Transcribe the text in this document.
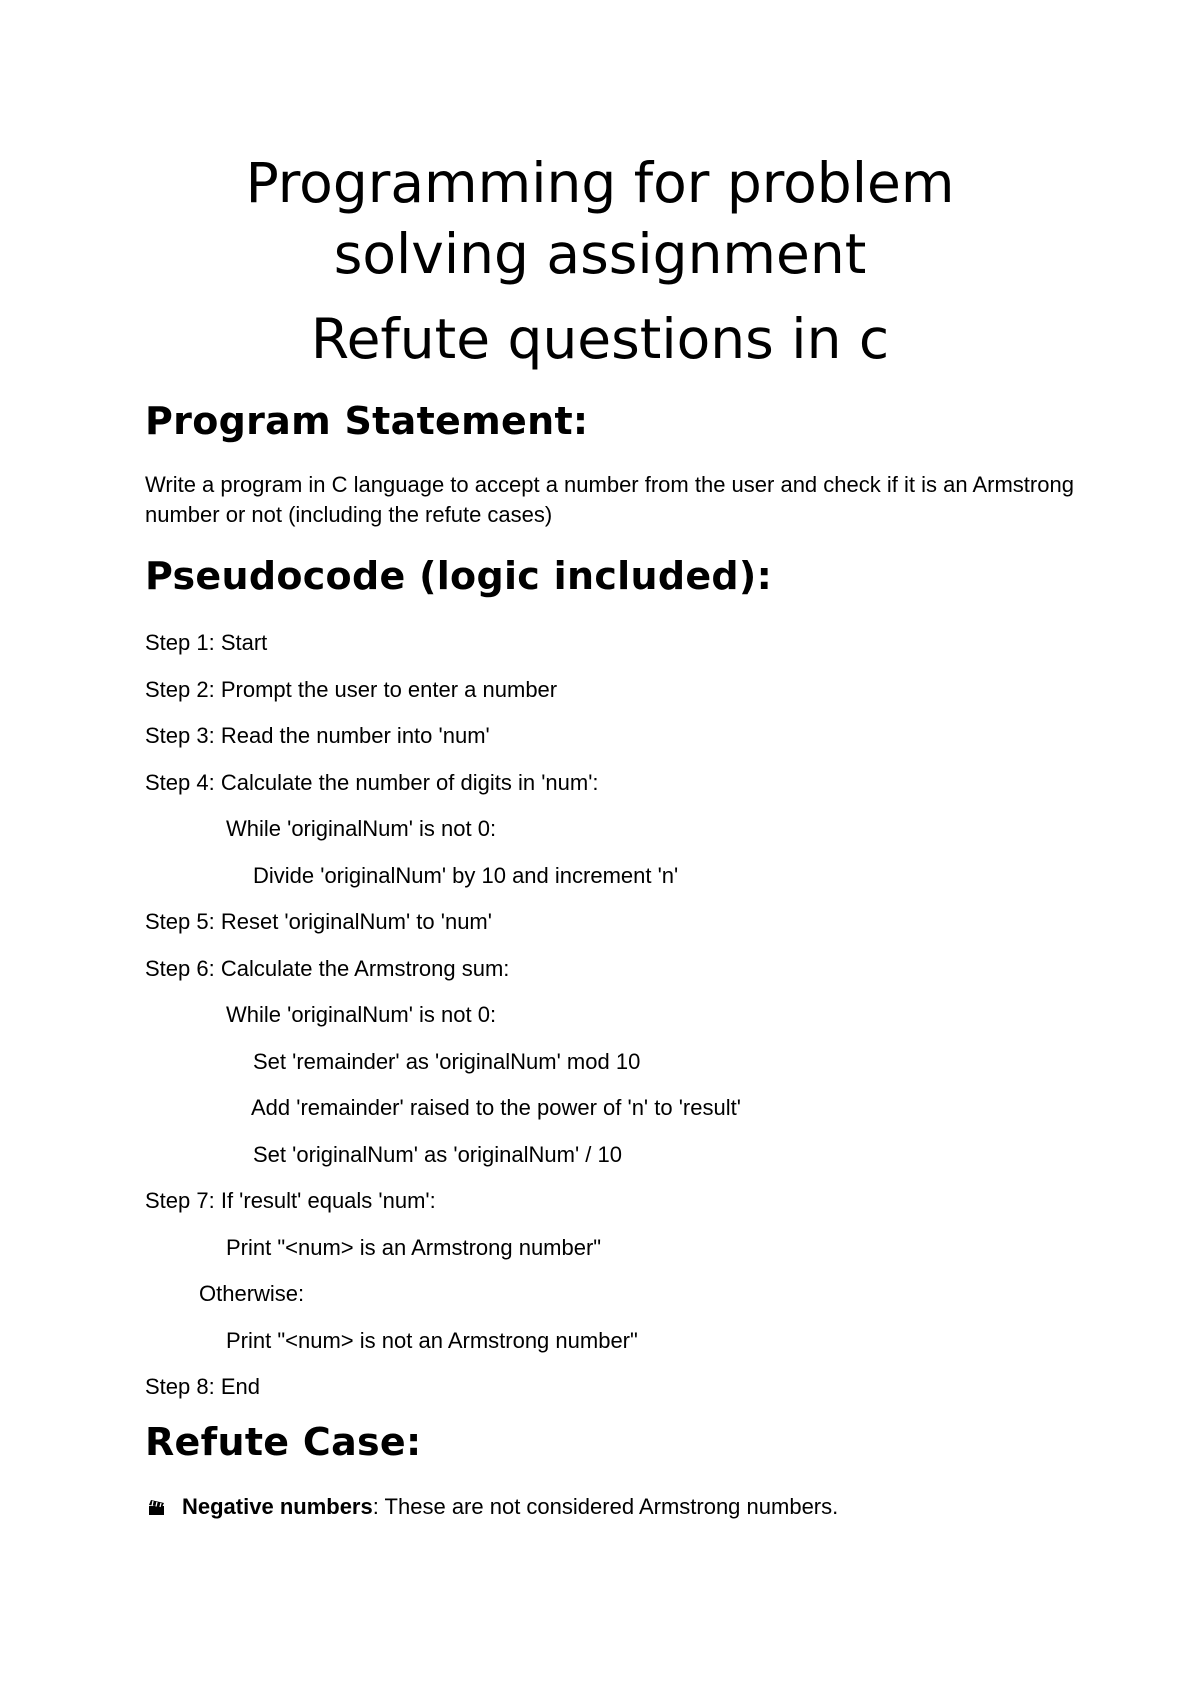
Programming for problem
solving assignment
Refute questions in c
Program Statement:

Write a program in C language to accept a number from the user and check if it is an Armstrong number or not (including the refute cases)

Pseudocode (logic included):

Step 1: Start

Step 2: Prompt the user to enter a number

Step 3: Read the number into 'num'

Step 4: Calculate the number of digits in 'num':

While 'originalNum' is not 0:

Divide 'originalNum' by 10 and increment 'n'

Step 5: Reset 'originalNum' to 'num'

Step 6: Calculate the Armstrong sum:

While 'originalNum' is not 0:

Set 'remainder' as 'originalNum' mod 10

Add 'remainder' raised to the power of 'n' to 'result'

Set 'originalNum' as 'originalNum' / 10

Step 7: If 'result' equals 'num':

Print "<num> is an Armstrong number"

Otherwise:

Print "<num> is not an Armstrong number"

Step 8: End

Refute Case:
Negative numbers: These are not considered Armstrong numbers.
